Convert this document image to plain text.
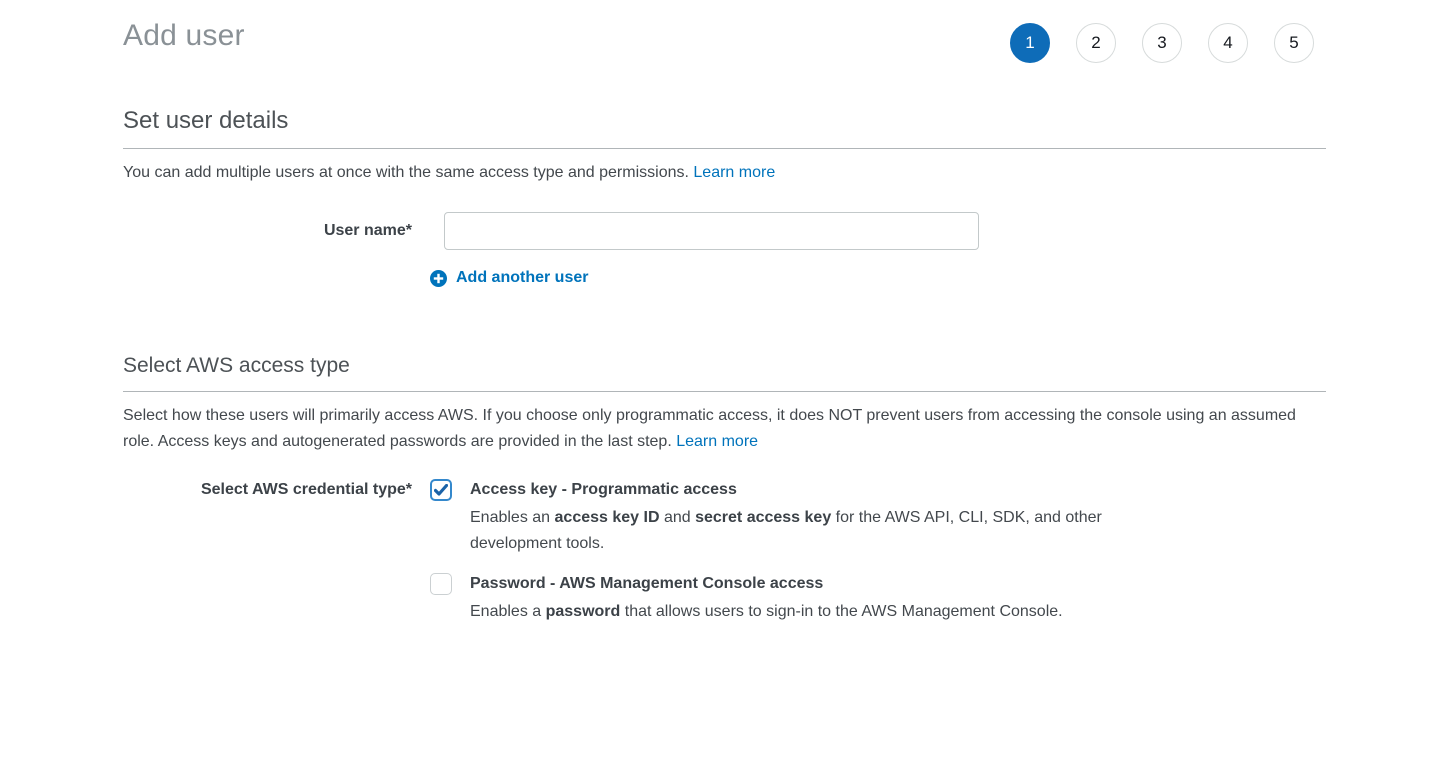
Add user	1	2	3	4	5
Set user details

You can add multiple users at once with the same access type and permissions. Learn more

User name*
Add another user
Select AWS access type

Select how these users will primarily access AWS. If you choose only programmatic access, it does NOT prevent users from accessing the console using an assumed role. Access keys and autogenerated passwords are provided in the last step. Learn more

Select AWS credential type*	Access key - Programmatic access
Enables an access key ID and secret access key for the AWS API, CLI, SDK, and other development tools.
Password - AWS Management Console access
Enables a password that allows users to sign-in to the AWS Management Console.
